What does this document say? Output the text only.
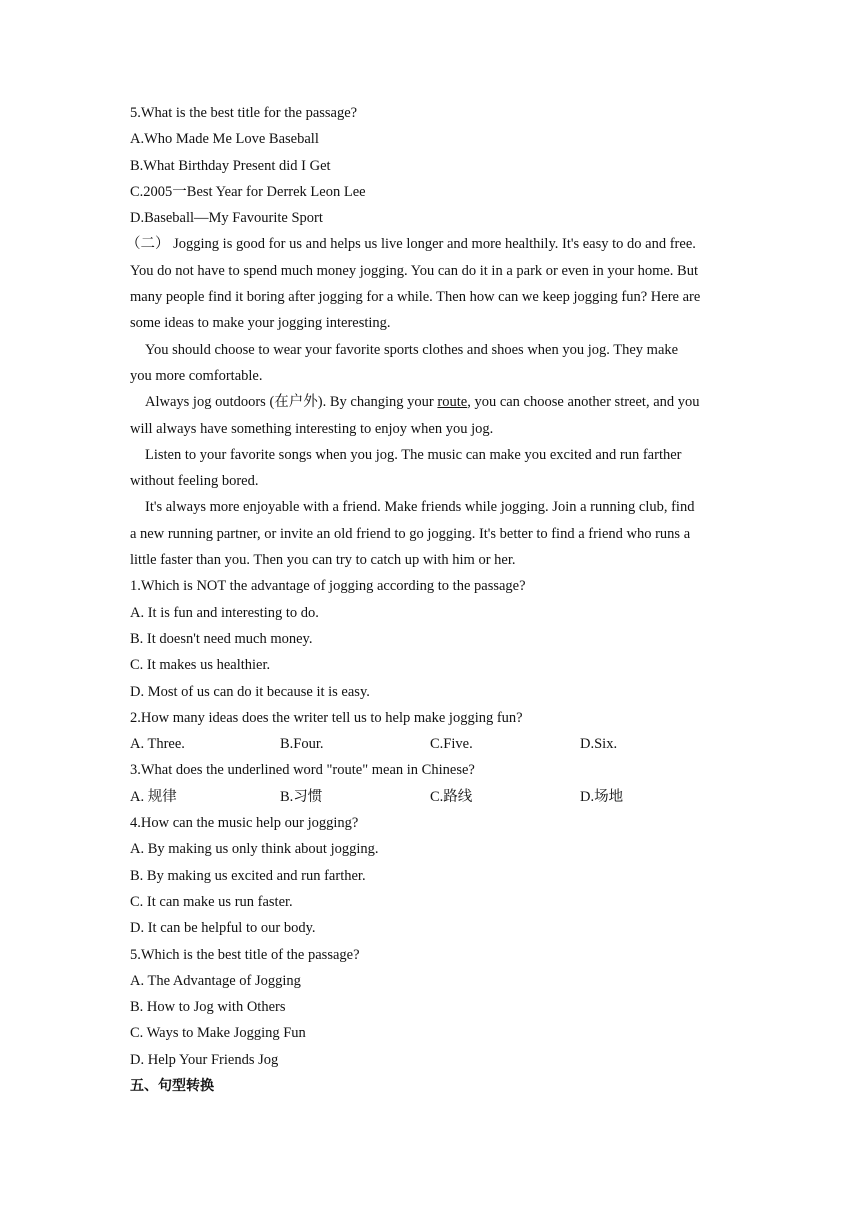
5.What is the best title for the passage?
A.Who Made Me Love Baseball
B.What Birthday Present did I Get
C.2005一Best Year for Derrek Leon Lee
D.Baseball—My Favourite Sport
（二） Jogging is good for us and helps us live longer and more healthily. It's easy to do and free.
You do not have to spend much money jogging. You can do it in a park or even in your home. But
many people find it boring after jogging for a while. Then how can we keep jogging fun? Here are
some ideas to make your jogging interesting.
You should choose to wear your favorite sports clothes and shoes when you jog. They make
you more comfortable.
Always jog outdoors (在户外). By changing your route, you can choose another street, and you
will always have something interesting to enjoy when you jog.
Listen to your favorite songs when you jog. The music can make you excited and run farther
without feeling bored.
It's always more enjoyable with a friend. Make friends while jogging. Join a running club, find
a new running partner, or invite an old friend to go jogging. It's better to find a friend who runs a
little faster than you. Then you can try to catch up with him or her.
1.Which is NOT the advantage of jogging according to the passage?
A. It is fun and interesting to do.
B. It doesn't need much money.
C. It makes us healthier.
D. Most of us can do it because it is easy.
2.How many ideas does the writer tell us to help make jogging fun?
A. Three.	B.Four.	C.Five.	D.Six.
3.What does the underlined word "route" mean in Chinese?
A. 规律	B.习惯	C.路线	D.场地
4.How can the music help our jogging?
A. By making us only think about jogging.
B. By making us excited and run farther.
C. It can make us run faster.
D. It can be helpful to our body.
5.Which is the best title of the passage?
A. The Advantage of Jogging
B. How to Jog with Others
C. Ways to Make Jogging Fun
D. Help Your Friends Jog
五、句型转换
